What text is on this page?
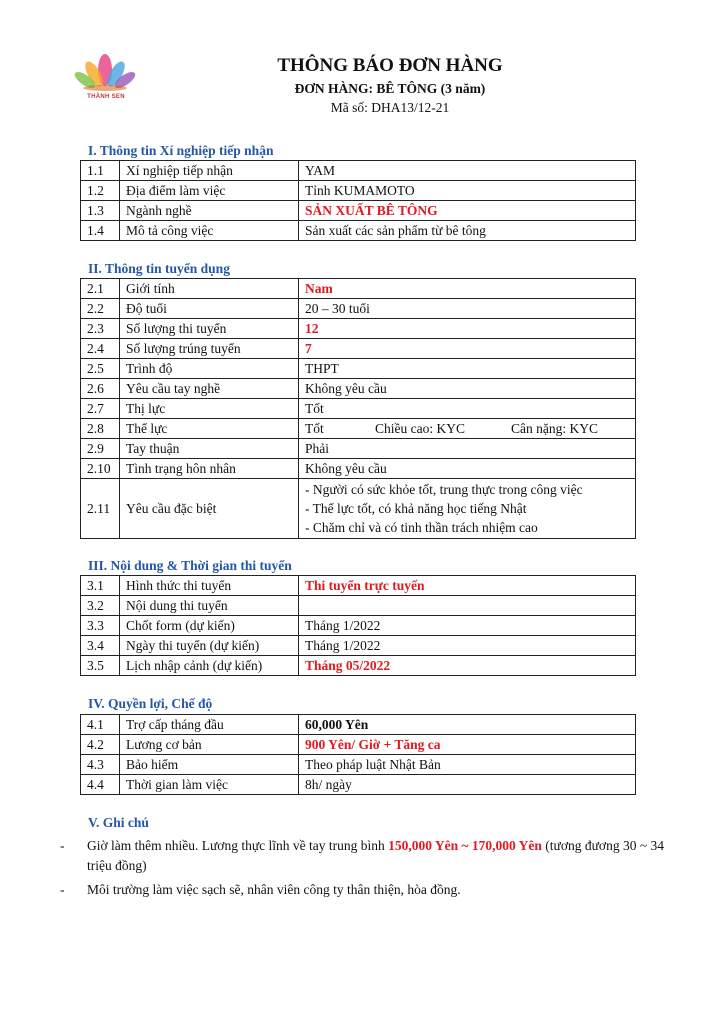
THÀNH SEN
THÔNG BÁO ĐƠN HÀNG
ĐƠN HÀNG: BÊ TÔNG (3 năm)
Mã số: DHA13/12-21
I. Thông tin Xí nghiệp tiếp nhận
1.1	Xí nghiệp tiếp nhận	YAM
1.2	Địa điểm làm việc	Tỉnh KUMAMOTO
1.3	Ngành nghề	SẢN XUẤT BÊ TÔNG
1.4	Mô tả công việc	Sản xuất các sản phẩm từ bê tông
II. Thông tin tuyển dụng
2.1	Giới tính	Nam
2.2	Độ tuổi	20 – 30 tuổi
2.3	Số lượng thi tuyển	12
2.4	Số lượng trúng tuyển	7
2.5	Trình độ	THPT
2.6	Yêu cầu tay nghề	Không yêu cầu
2.7	Thị lực	Tốt
2.8	Thể lực	Tốt Chiều cao: KYC Cân nặng: KYC

2.9	Tay thuận	Phải
2.10	Tình trạng hôn nhân	Không yêu cầu
2.11	Yêu cầu đặc biệt	- Người có sức khỏe tốt, trung thực trong công việc
- Thể lực tốt, có khả năng học tiếng Nhật
- Chăm chỉ và có tinh thần trách nhiệm cao
III. Nội dung & Thời gian thi tuyển
3.1	Hình thức thi tuyển	Thi tuyển trực tuyến
3.2	Nội dung thi tuyển	
3.3	Chốt form (dự kiến)	Tháng 1/2022
3.4	Ngày thi tuyển (dự kiến)	Tháng 1/2022
3.5	Lịch nhập cảnh (dự kiến)	Tháng 05/2022
IV. Quyền lợi, Chế độ
4.1	Trợ cấp tháng đầu	60,000 Yên
4.2	Lương cơ bản	900 Yên/ Giờ + Tăng ca
4.3	Bảo hiểm	Theo pháp luật Nhật Bản
4.4	Thời gian làm việc	8h/ ngày
V. Ghi chú
-	Giờ làm thêm nhiều. Lương thực lĩnh về tay trung bình 150,000 Yên ~ 170,000 Yên (tương đương 30 ~ 34 triệu đồng)
-	Môi trường làm việc sạch sẽ, nhân viên công ty thân thiện, hòa đồng.
